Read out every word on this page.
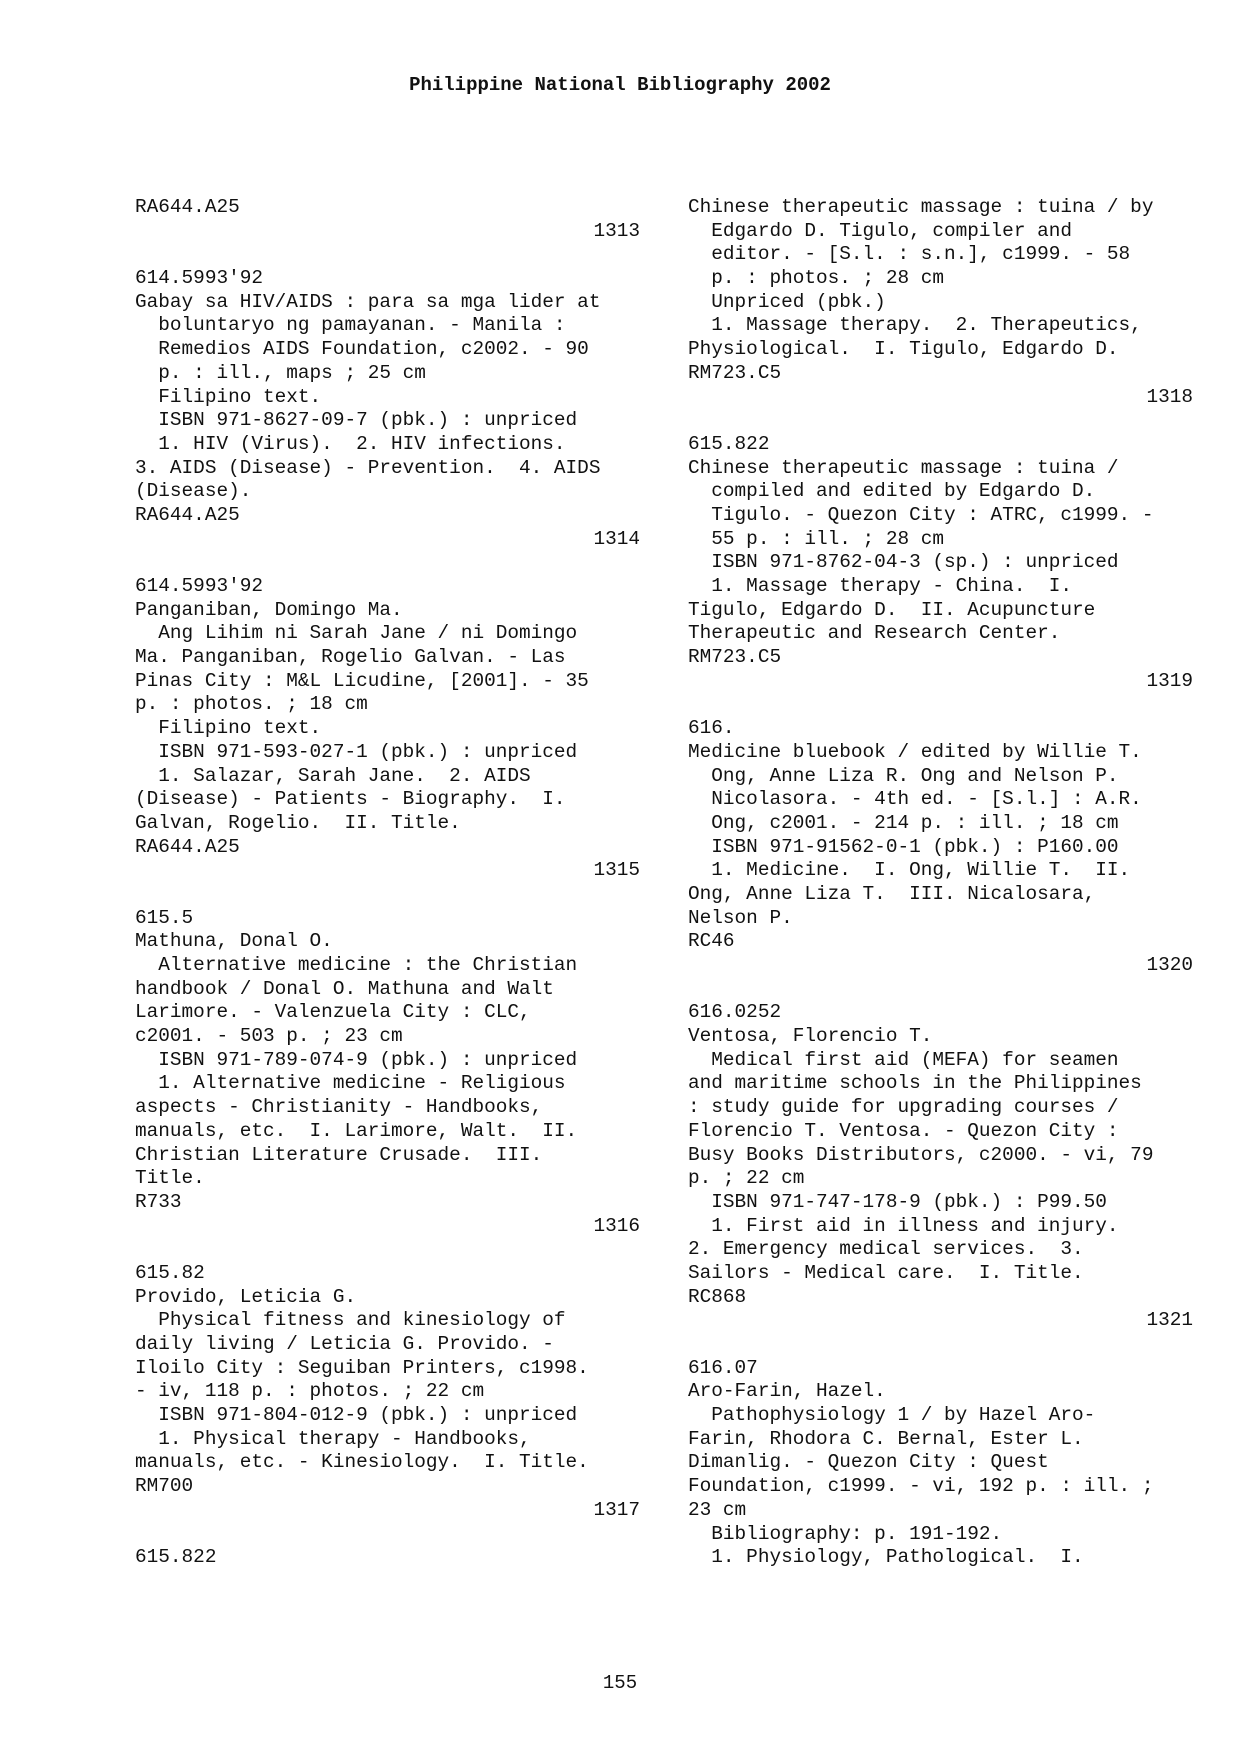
Philippine National Bibliography 2002
RA644.A25
1313
614.5993'92
Gabay sa HIV/AIDS : para sa mga lider at
boluntaryo ng pamayanan. - Manila :
Remedios AIDS Foundation, c2002. - 90
p. : ill., maps ; 25 cm
Filipino text.
ISBN 971-8627-09-7 (pbk.) : unpriced
1. HIV (Virus).  2. HIV infections.
3. AIDS (Disease) - Prevention.  4. AIDS
(Disease).
RA644.A25
1314
614.5993'92
Panganiban, Domingo Ma.
Ang Lihim ni Sarah Jane / ni Domingo
Ma. Panganiban, Rogelio Galvan. - Las
Pinas City : M&L Licudine, [2001]. - 35
p. : photos. ; 18 cm
Filipino text.
ISBN 971-593-027-1 (pbk.) : unpriced
1. Salazar, Sarah Jane.  2. AIDS
(Disease) - Patients - Biography.  I.
Galvan, Rogelio.  II. Title.
RA644.A25
1315
615.5
Mathuna, Donal O.
Alternative medicine : the Christian
handbook / Donal O. Mathuna and Walt
Larimore. - Valenzuela City : CLC,
c2001. - 503 p. ; 23 cm
ISBN 971-789-074-9 (pbk.) : unpriced
1. Alternative medicine - Religious
aspects - Christianity - Handbooks,
manuals, etc.  I. Larimore, Walt.  II.
Christian Literature Crusade.  III.
Title.
R733
1316
615.82
Provido, Leticia G.
Physical fitness and kinesiology of
daily living / Leticia G. Provido. -
Iloilo City : Seguiban Printers, c1998.
- iv, 118 p. : photos. ; 22 cm
ISBN 971-804-012-9 (pbk.) : unpriced
1. Physical therapy - Handbooks,
manuals, etc. - Kinesiology.  I. Title.
RM700
1317
615.822
Chinese therapeutic massage : tuina / by
Edgardo D. Tigulo, compiler and
editor. - [S.l. : s.n.], c1999. - 58
p. : photos. ; 28 cm
Unpriced (pbk.)
1. Massage therapy.  2. Therapeutics,
Physiological.  I. Tigulo, Edgardo D.
RM723.C5
1318
615.822
Chinese therapeutic massage : tuina /
compiled and edited by Edgardo D.
Tigulo. - Quezon City : ATRC, c1999. -
55 p. : ill. ; 28 cm
ISBN 971-8762-04-3 (sp.) : unpriced
1. Massage therapy - China.  I.
Tigulo, Edgardo D.  II. Acupuncture
Therapeutic and Research Center.
RM723.C5
1319
616.
Medicine bluebook / edited by Willie T.
Ong, Anne Liza R. Ong and Nelson P.
Nicolasora. - 4th ed. - [S.l.] : A.R.
Ong, c2001. - 214 p. : ill. ; 18 cm
ISBN 971-91562-0-1 (pbk.) : P160.00
1. Medicine.  I. Ong, Willie T.  II.
Ong, Anne Liza T.  III. Nicalosara,
Nelson P.
RC46
1320
616.0252
Ventosa, Florencio T.
Medical first aid (MEFA) for seamen
and maritime schools in the Philippines
: study guide for upgrading courses /
Florencio T. Ventosa. - Quezon City :
Busy Books Distributors, c2000. - vi, 79
p. ; 22 cm
ISBN 971-747-178-9 (pbk.) : P99.50
1. First aid in illness and injury.
2. Emergency medical services.  3.
Sailors - Medical care.  I. Title.
RC868
1321
616.07
Aro-Farin, Hazel.
Pathophysiology 1 / by Hazel Aro-
Farin, Rhodora C. Bernal, Ester L.
Dimanlig. - Quezon City : Quest
Foundation, c1999. - vi, 192 p. : ill. ;
23 cm
Bibliography: p. 191-192.
1. Physiology, Pathological.  I.
155
